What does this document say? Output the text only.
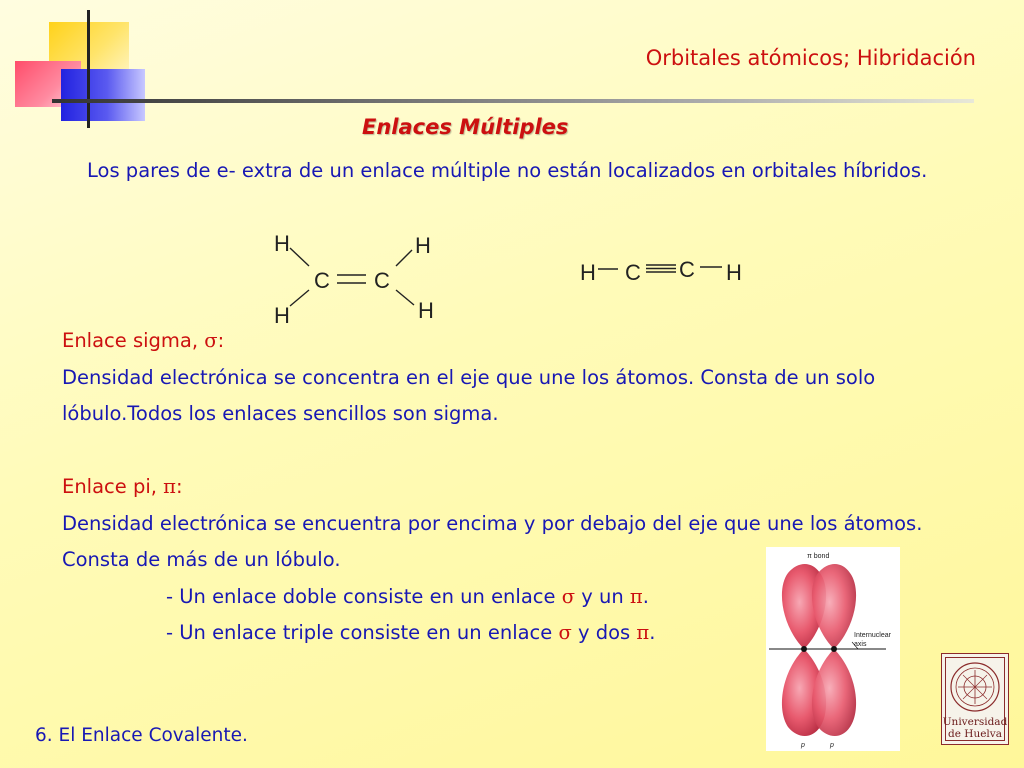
Orbitales atómicos; Hibridación
Enlaces Múltiples
Los pares de e- extra de un enlace múltiple no están localizados en orbitales híbridos.
H
H
C C
H
H
H C C H

Enlace sigma, σ:

Densidad electrónica se concentra en el eje que une los átomos. Consta de un solo lóbulo.Todos los enlaces sencillos son sigma.

Enlace pi, π:

Densidad electrónica se encuentra por encima y por debajo del eje que une los átomos. Consta de más de un lóbulo.

- Un enlace doble consiste en un enlace σ y un π.

- Un enlace triple consiste en un enlace σ y dos π.

π bond
Internuclear
axis
p	p
6. El Enlace Covalente.
Universidad
de Huelva
